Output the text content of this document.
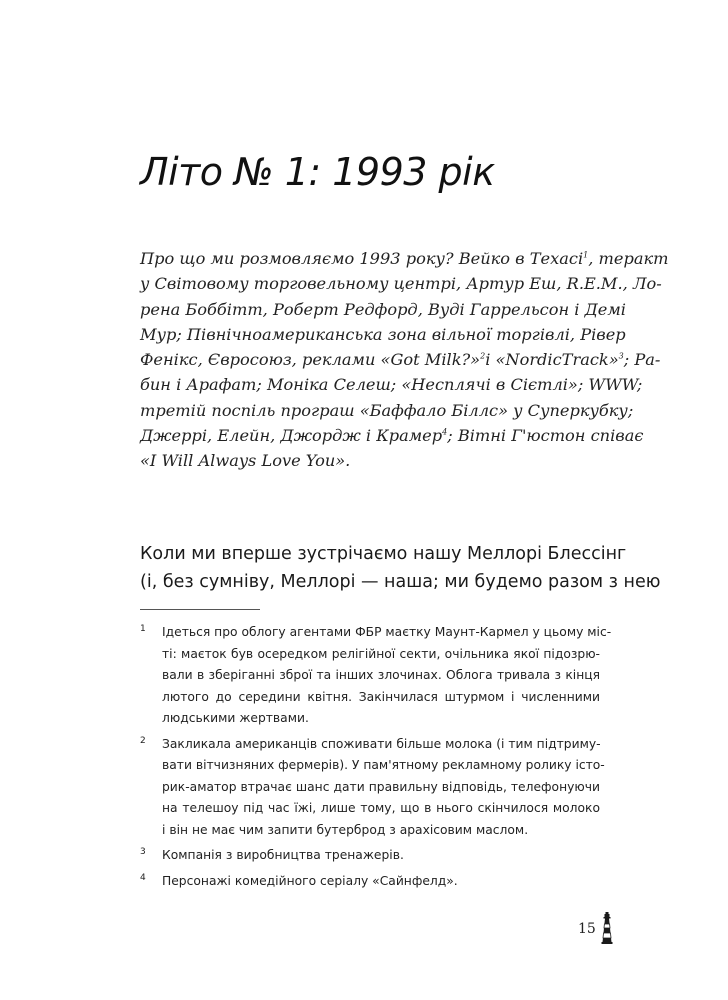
Літо № 1: 1993 рік
Про що ми розмовляємо 1993 року? Вейко в Техасі$^1$, теракт
у Світовому торговельному центрі, Артур Еш, R.E.M., Ло-
рена Боббітт, Роберт Редфорд, Вуді Гаррельсон і Демі
Мур; Північноамериканська зона вільної торгівлі, Рівер
Фенікс, Євросоюз, реклами «Got Milk?»$^2$і «NordicTrack»$^3$; Ра-
бин і Арафат; Моніка Селеш; «Несплячі в Сієтлі»; WWW;
третій поспіль програш «Баффало Біллс» у Суперкубку;
Джеррі, Елейн, Джордж і Крамер$^4$; Вітні Г'юстон співає
«I Will Always Love You».
Коли ми вперше зустрічаємо нашу Меллорі Блессінг
(і, без сумніву, Меллорі — наша; ми будемо разом з нею
1 Ідеться про облогу агентами ФБР маєтку Маунт-Кармел у цьому міс-
ті: маєток був осередком релігійної секти, очільника якої підозрю-
вали в зберіганні зброї та інших злочинах. Облога тривала з кінця
лютого до середини квітня. Закінчилася штурмом і численними
людськими жертвами.
2 Закликала американців споживати більше молока (і тим підтриму-
вати вітчизняних фермерів). У пам'ятному рекламному ролику істо-
рик-аматор втрачає шанс дати правильну відповідь, телефонуючи
на телешоу під час їжі, лише тому, що в нього скінчилося молоко
і він не має чим запити бутерброд з арахісовим маслом.
3 Компанія з виробництва тренажерів.
4 Персонажі комедійного серіалу «Сайнфелд».
15
